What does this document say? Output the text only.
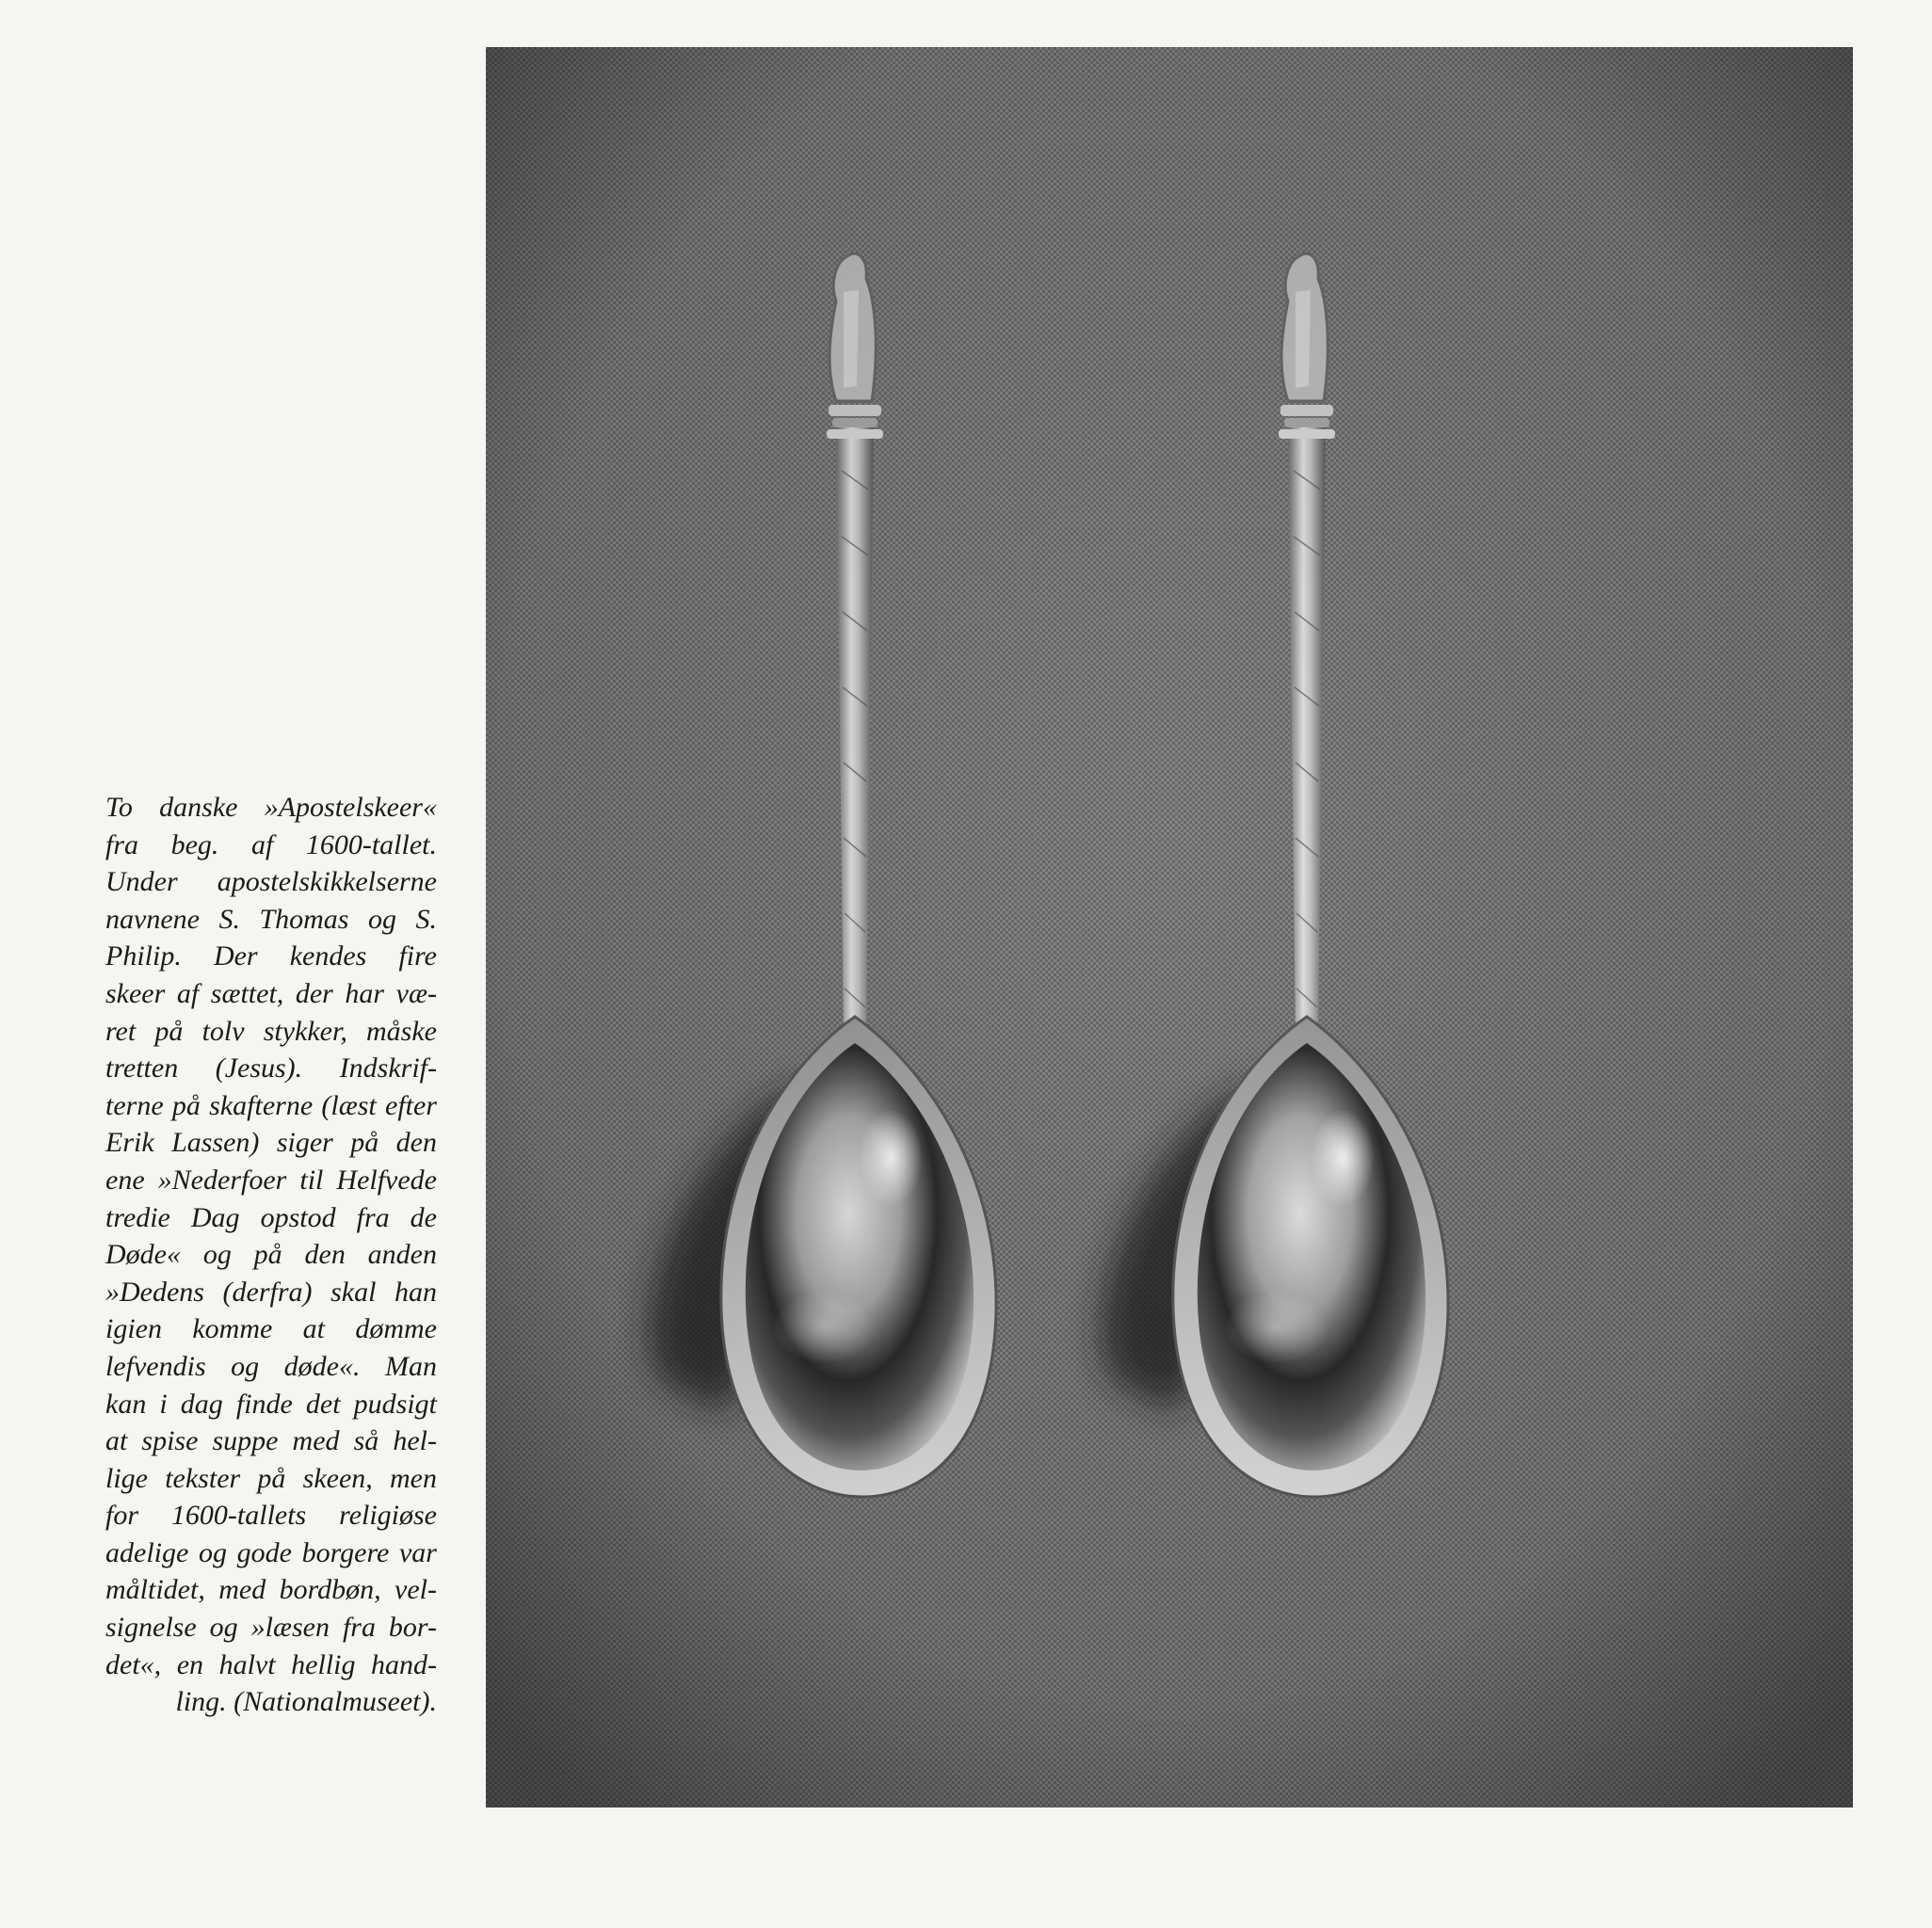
To danske »Apostelskeer«
fra beg. af 1600-tallet.
Under apostelskikkelserne
navnene S. Thomas og S.
Philip. Der kendes fire
skeer af sættet, der har væ-
ret på tolv stykker, måske
tretten (Jesus). Indskrif-
terne på skafterne (læst efter
Erik Lassen) siger på den
ene »Nederfoer til Helfvede
tredie Dag opstod fra de
Døde« og på den anden
»Dedens (derfra) skal han
igien komme at dømme
lefvendis og døde«. Man
kan i dag finde det pudsigt
at spise suppe med så hel-
lige tekster på skeen, men
for 1600-tallets religiøse
adelige og gode borgere var
måltidet, med bordbøn, vel-
signelse og »læsen fra bor-
det«, en halvt hellig hand-
ling. (Nationalmuseet).
